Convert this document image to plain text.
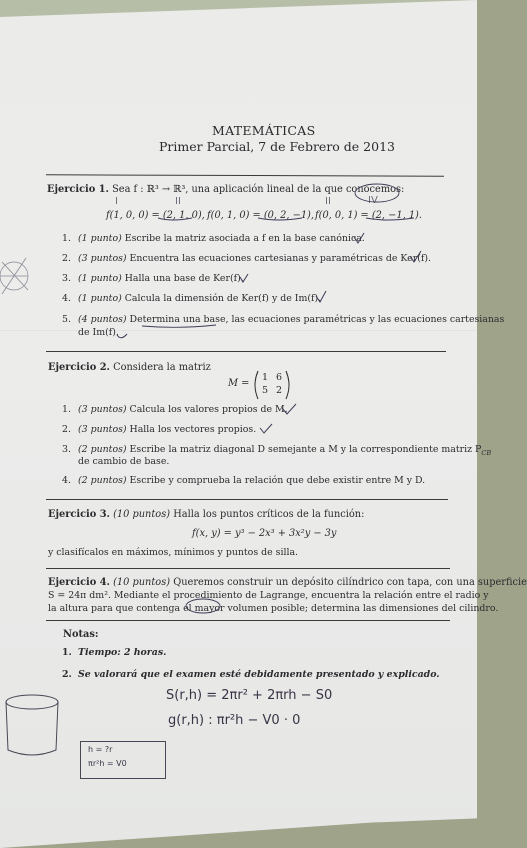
MATEMÁTICAS
Primer Parcial, 7 de Febrero de 2013
Ejercicio 1. Sea f : ℝ³ → ℝ³, una aplicación lineal de la que conocemos:
f(1, 0, 0) = (2, 1, 0), f(0, 1, 0) = (0, 2, −1), f(0, 0, 1) = (2, −1, 1).
1. (1 punto) Escribe la matriz asociada a f en la base canónica.
2. (3 puntos) Encuentra las ecuaciones cartesianas y paramétricas de Ker(f).
3. (1 punto) Halla una base de Ker(f).
4. (1 punto) Calcula la dimensión de Ker(f) y de Im(f).
5. (4 puntos) Determina una base, las ecuaciones paramétricas y las ecuaciones cartesianas
de Im(f).
Ejercicio 2. Considera la matriz
M =
1 6
5 2
1. (3 puntos) Calcula los valores propios de M.
2. (3 puntos) Halla los vectores propios.
3. (2 puntos) Escribe la matriz diagonal D semejante a M y la correspondiente matriz $P_{CB}$
de cambio de base.
4. (2 puntos) Escribe y comprueba la relación que debe existir entre M y D.
Ejercicio 3. (10 puntos) Halla los puntos críticos de la función:
f(x, y) = y³ − 2x³ + 3x²y − 3y
y clasifícalos en máximos, mínimos y puntos de silla.
Ejercicio 4. (10 puntos) Queremos construir un depósito cilíndrico con tapa, con una superficie
S = 24π dm². Mediante el procedimiento de Lagrange, encuentra la relación entre el radio y
la altura para que contenga el mayor volumen posible; determina las dimensiones del cilindro.
Notas:
1. Tiempo: 2 horas.
2. Se valorará que el examen esté debidamente presentado y explicado.
S(r,h) = 2πr² + 2πrh − S0
g(r,h) : πr²h − V0 · 0
h = ?r
πr²h = V0
I	II	II	IV
